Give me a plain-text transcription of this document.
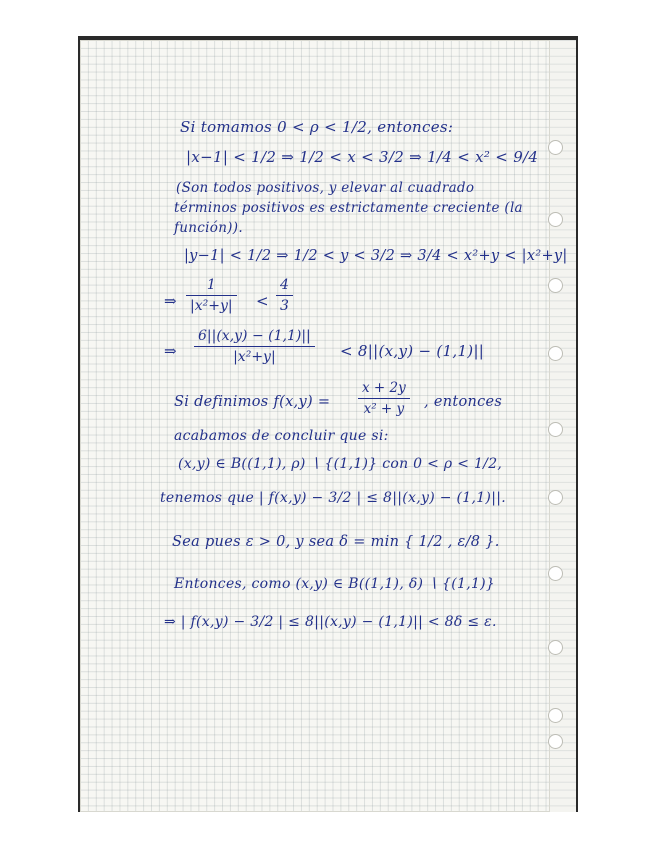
Si tomamos 0 < ρ < 1/2, entonces:
|x−1| < 1/2 ⇒ 1/2 < x < 3/2 ⇒ 1/4 < x² < 9/4
(Son todos positivos, y elevar al cuadrado
términos positivos es estrictamente creciente (la
función)).
|y−1| < 1/2 ⇒ 1/2 < y < 3/2 ⇒ 3/4 < x²+y < |x²+y|
⇒
1
|x²+y| <
4
3
⇒
6||(x,y) − (1,1)||
|x²+y|	< 8||(x,y) − (1,1)||
Si definimos f(x,y) =
x + 2y
x² + y	, entonces
acabamos de concluir que si:
(x,y) ∈ B((1,1), ρ) ∖ {(1,1)} con 0 < ρ < 1/2,
tenemos que | f(x,y) − 3/2 | ≤ 8||(x,y) − (1,1)||.
Sea pues ε > 0, y sea δ = min { 1/2 , ε/8 }.
Entonces, como (x,y) ∈ B((1,1), δ) ∖ {(1,1)}
⇒ | f(x,y) − 3/2 | ≤ 8||(x,y) − (1,1)|| < 8δ ≤ ε.
